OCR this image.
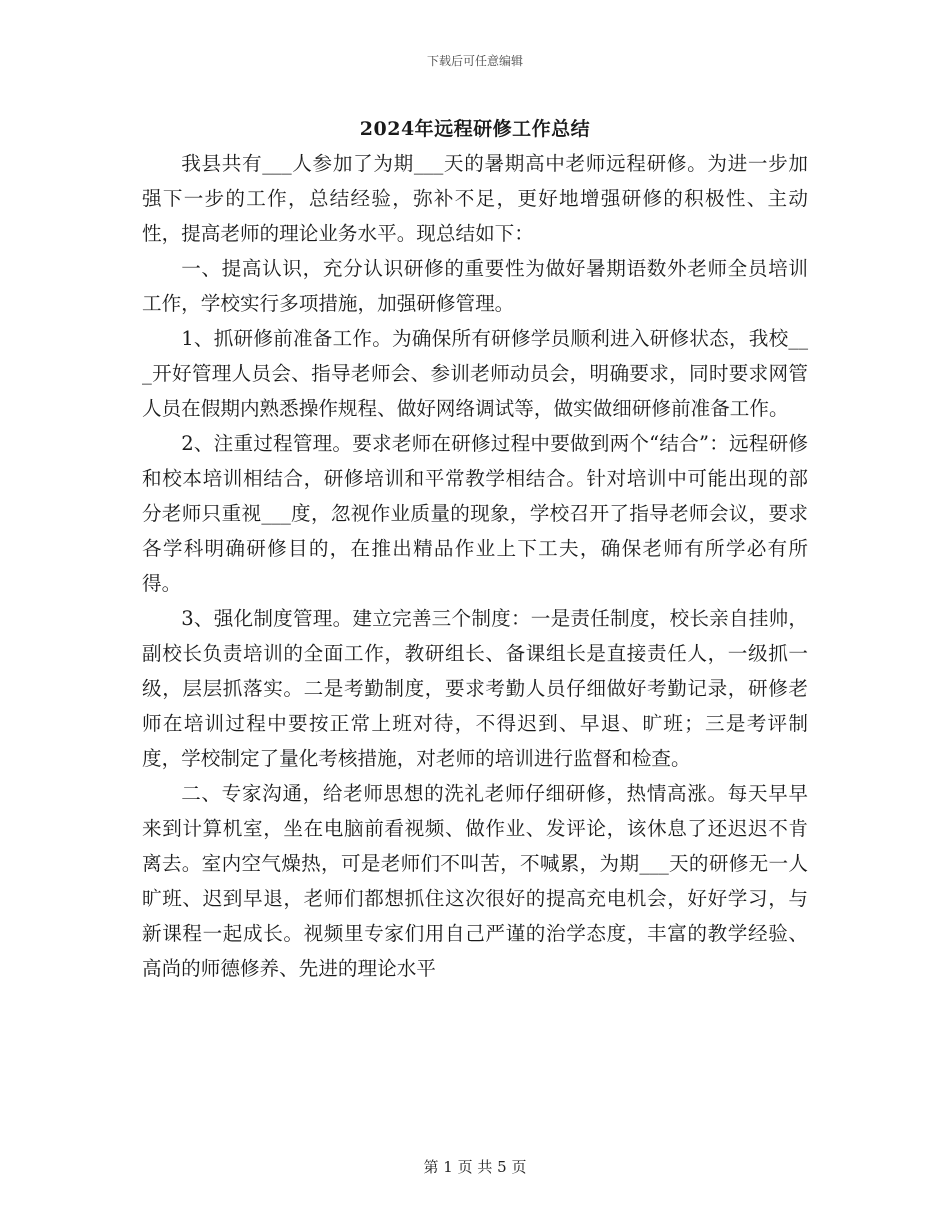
下载后可任意编辑
2024年远程研修工作总结

我县共有___人参加了为期___天的暑期高中老师远程研修。为进一步加强下一步的工作，总结经验，弥补不足，更好地增强研修的积极性、主动性，提高老师的理论业务水平。现总结如下：

一、提高认识，充分认识研修的重要性为做好暑期语数外老师全员培训工作，学校实行多项措施，加强研修管理。

1、抓研修前准备工作。为确保所有研修学员顺利进入研修状态，我校___开好管理人员会、指导老师会、参训老师动员会，明确要求，同时要求网管人员在假期内熟悉操作规程、做好网络调试等，做实做细研修前准备工作。

2、注重过程管理。要求老师在研修过程中要做到两个“结合”：远程研修和校本培训相结合，研修培训和平常教学相结合。针对培训中可能出现的部分老师只重视___度，忽视作业质量的现象，学校召开了指导老师会议，要求各学科明确研修目的，在推出精品作业上下工夫，确保老师有所学必有所得。

3、强化制度管理。建立完善三个制度：一是责任制度，校长亲自挂帅，副校长负责培训的全面工作，教研组长、备课组长是直接责任人，一级抓一级，层层抓落实。二是考勤制度，要求考勤人员仔细做好考勤记录，研修老师在培训过程中要按正常上班对待，不得迟到、早退、旷班；三是考评制度，学校制定了量化考核措施，对老师的培训进行监督和检查。

二、专家沟通，给老师思想的洗礼老师仔细研修，热情高涨。每天早早来到计算机室，坐在电脑前看视频、做作业、发评论，该休息了还迟迟不肯离去。室内空气燥热，可是老师们不叫苦，不喊累，为期___天的研修无一人旷班、迟到早退，老师们都想抓住这次很好的提高充电机会，好好学习，与新课程一起成长。视频里专家们用自己严谨的治学态度，丰富的教学经验、高尚的师德修养、先进的理论水平

第 1 页 共 5 页
